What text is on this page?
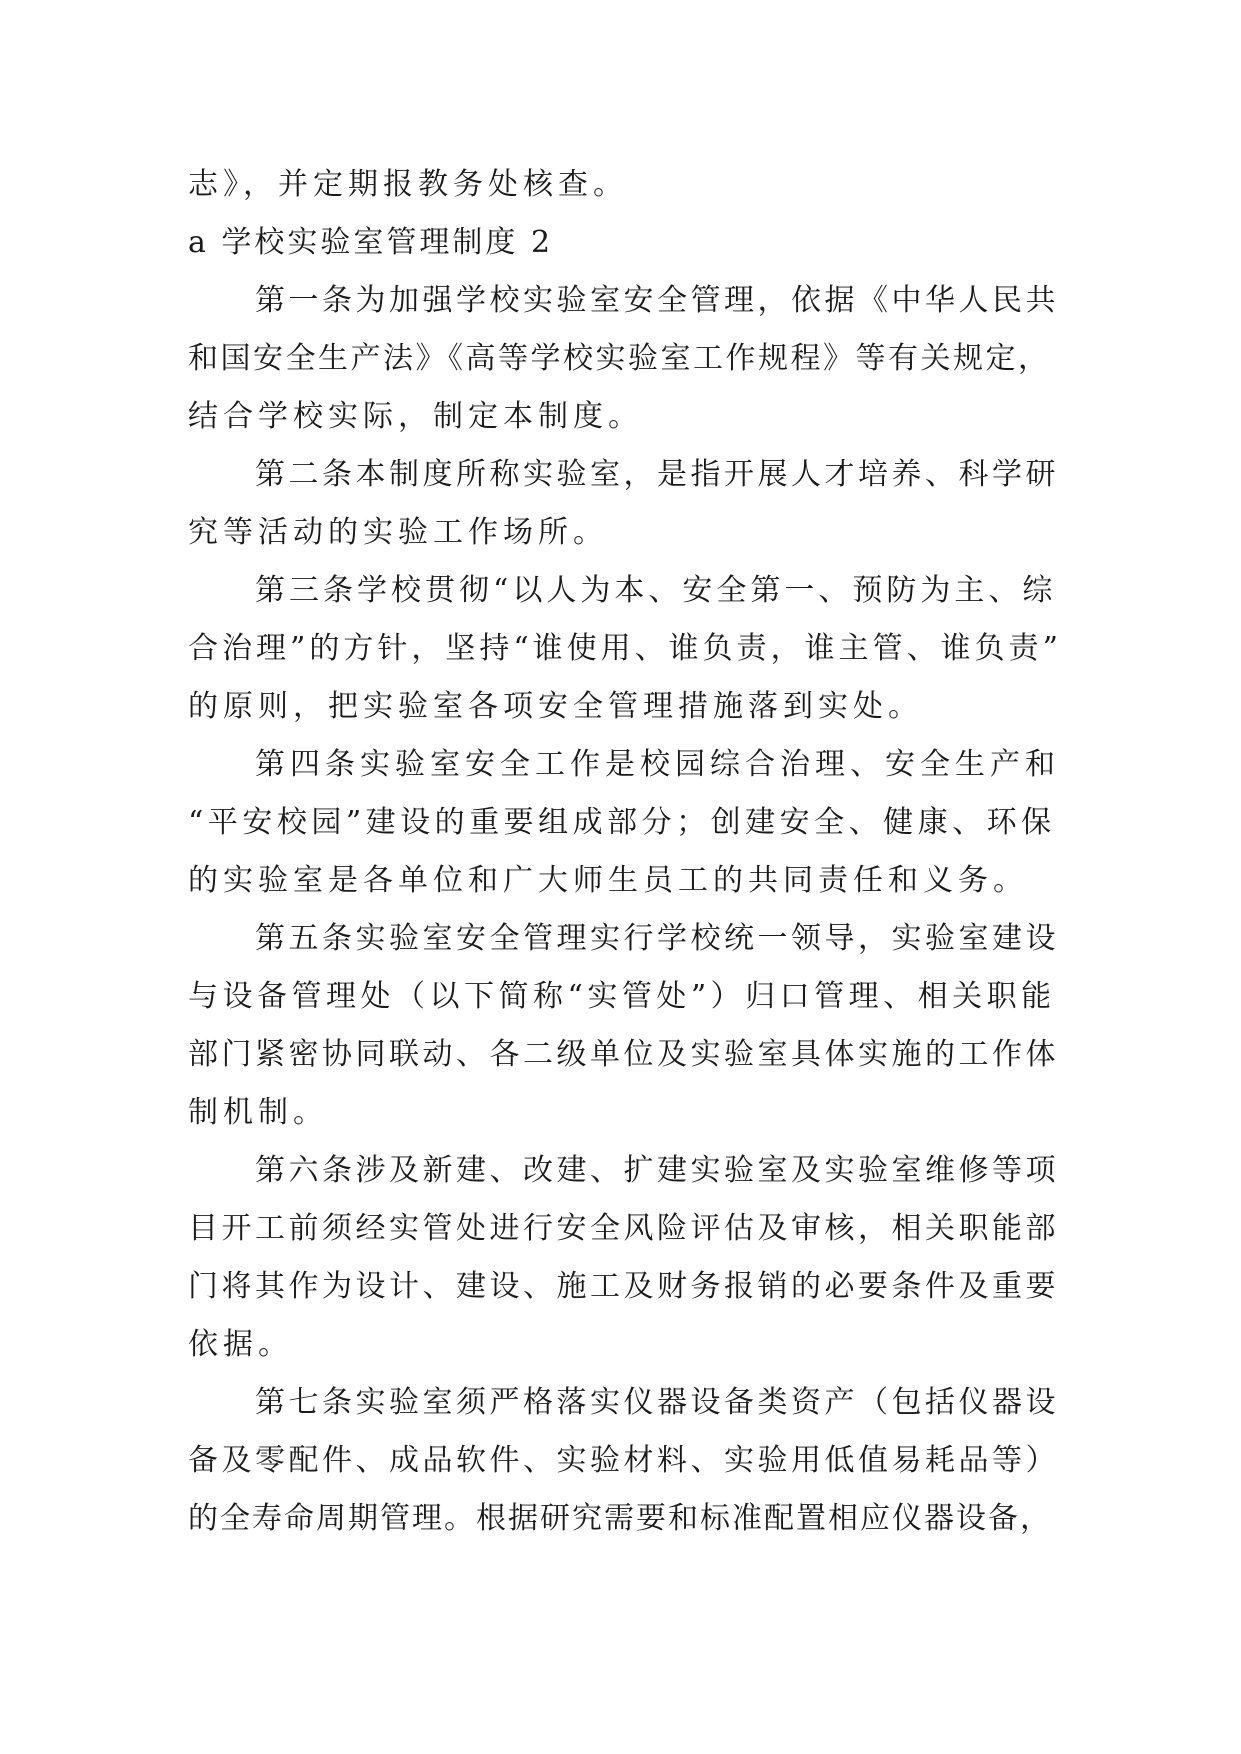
志》，并定期报教务处核查。
a 学校实验室管理制度 2
第一条为加强学校实验室安全管理，依据《中华人民共
和国安全生产法》《高等学校实验室工作规程》等有关规定，
结合学校实际，制定本制度。
第二条本制度所称实验室，是指开展人才培养、科学研
究等活动的实验工作场所。
第三条学校贯彻“以人为本、安全第一、预防为主、综
合治理”的方针，坚持“谁使用、谁负责，谁主管、谁负责”
的原则，把实验室各项安全管理措施落到实处。
第四条实验室安全工作是校园综合治理、安全生产和
“平安校园”建设的重要组成部分；创建安全、健康、环保
的实验室是各单位和广大师生员工的共同责任和义务。
第五条实验室安全管理实行学校统一领导，实验室建设
与设备管理处（以下简称“实管处”）归口管理、相关职能
部门紧密协同联动、各二级单位及实验室具体实施的工作体
制机制。
第六条涉及新建、改建、扩建实验室及实验室维修等项
目开工前须经实管处进行安全风险评估及审核，相关职能部
门将其作为设计、建设、施工及财务报销的必要条件及重要
依据。
第七条实验室须严格落实仪器设备类资产（包括仪器设
备及零配件、成品软件、实验材料、实验用低值易耗品等）
的全寿命周期管理。根据研究需要和标准配置相应仪器设备，
